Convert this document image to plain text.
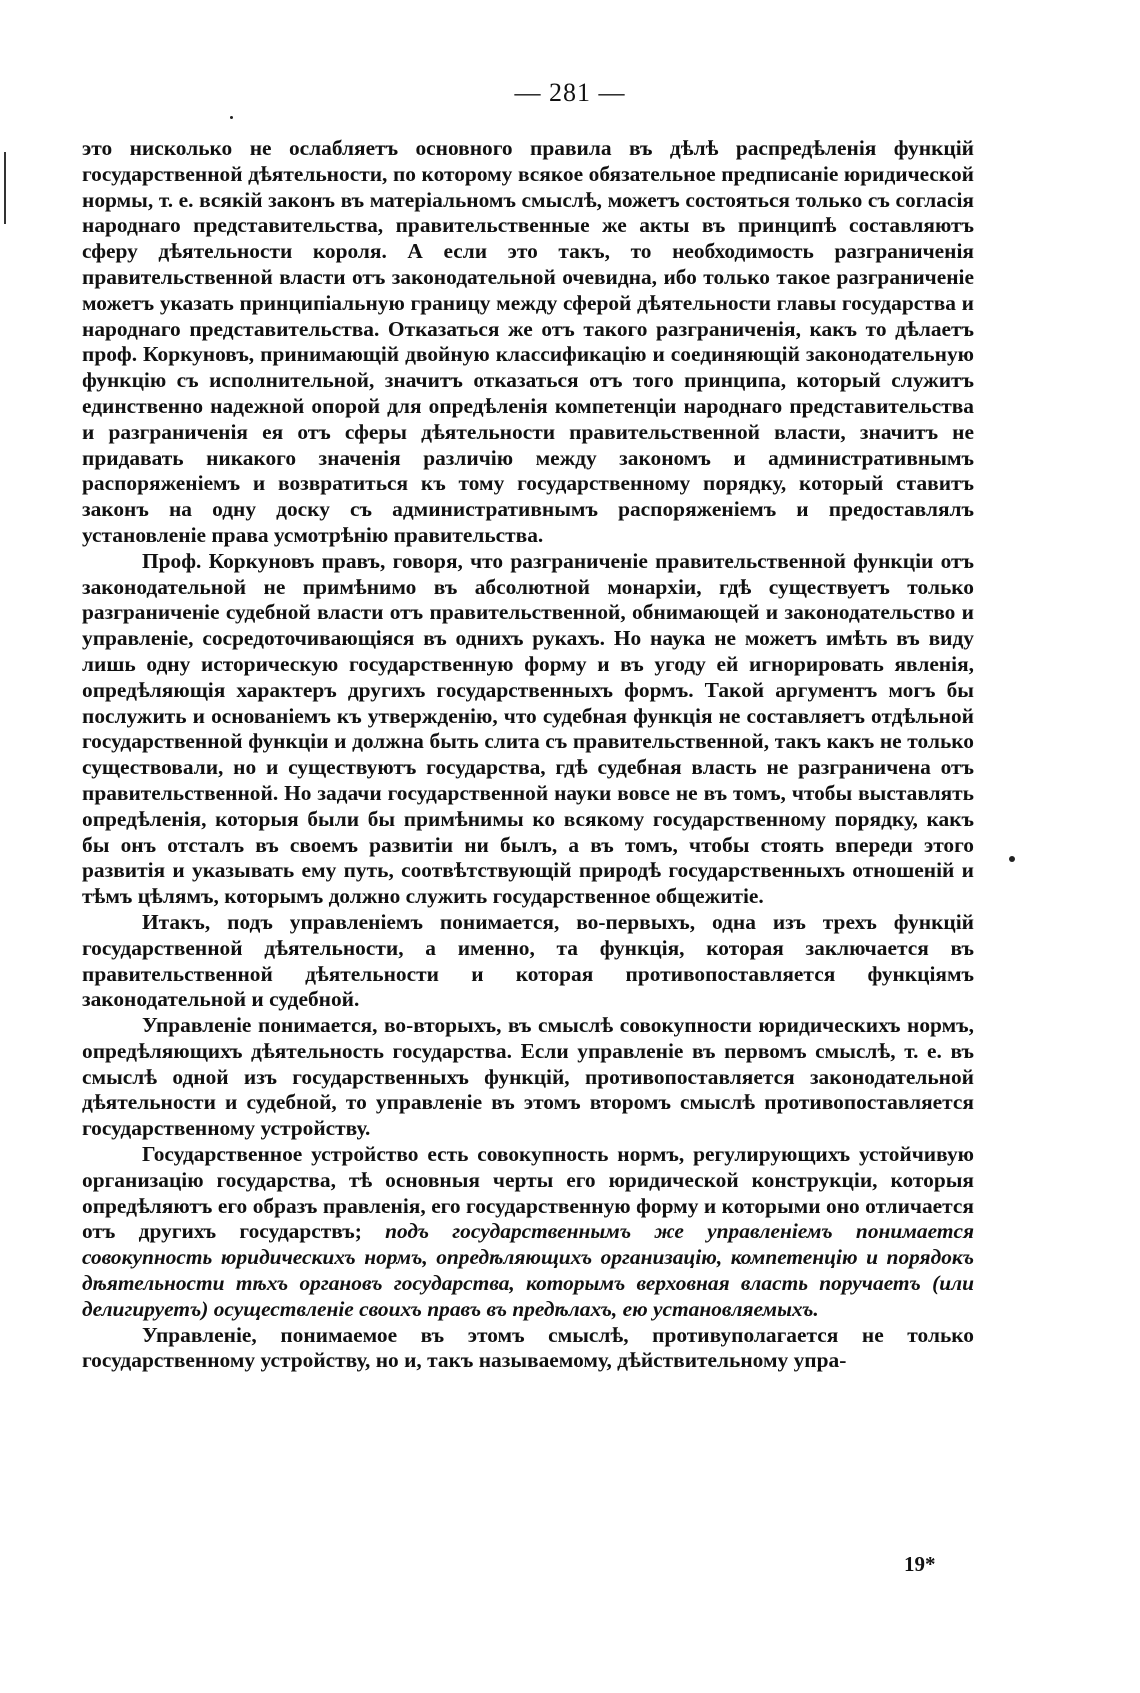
— 281 —

это нисколько не ослабляетъ основного правила въ дѣлѣ распредѣленія функцій государственной дѣятельности, по которому всякое обязательное предписаніе юридической нормы, т. е. всякій законъ въ матеріальномъ смыслѣ, можетъ состояться только съ согласія народнаго представительства, правительственные же акты въ принципѣ составляютъ сферу дѣятельности короля. А если это такъ, то необходимость разграниченія правительственной власти отъ законодательной очевидна, ибо только такое разграниченіе можетъ указать принципіальную границу между сферой дѣятельности главы государства и народнаго представительства. Отказаться же отъ такого разграниченія, какъ то дѣлаетъ проф. Коркуновъ, принимающій двойную классификацію и соединяющій законодательную функцію съ исполнительной, значитъ отказаться отъ того принципа, который служитъ единственно надежной опорой для опредѣленія компетенціи народнаго представительства и разграниченія ея отъ сферы дѣятельности правительственной власти, значитъ не придавать никакого значенія различію между закономъ и административнымъ распоряженіемъ и возвратиться къ тому государственному порядку, который ставитъ законъ на одну доску съ административнымъ распоряженіемъ и предоставлялъ установленіе права усмотрѣнію правительства.

Проф. Коркуновъ правъ, говоря, что разграниченіе правительственной функціи отъ законодательной не примѣнимо въ абсолютной монархіи, гдѣ существуетъ только разграниченіе судебной власти отъ правительственной, обнимающей и законодательство и управленіе, сосредоточивающіяся въ однихъ рукахъ. Но наука не можетъ имѣть въ виду лишь одну историческую государственную форму и въ угоду ей игнорировать явленія, опредѣляющія характеръ другихъ государственныхъ формъ. Такой аргументъ могъ бы послужить и основаніемъ къ утвержденію, что судебная функція не составляетъ отдѣльной государственной функціи и должна быть слита съ правительственной, такъ какъ не только существовали, но и существуютъ государства, гдѣ судебная власть не разграничена отъ правительственной. Но задачи государственной науки вовсе не въ томъ, чтобы выставлять опредѣленія, которыя были бы примѣнимы ко всякому государственному порядку, какъ бы онъ отсталъ въ своемъ развитіи ни былъ, а въ томъ, чтобы стоять впереди этого развитія и указывать ему путь, соотвѣтствующій природѣ государственныхъ отношеній и тѣмъ цѣлямъ, которымъ должно служить государственное общежитіе.

Итакъ, подъ управленіемъ понимается, во-первыхъ, одна изъ трехъ функцій государственной дѣятельности, а именно, та функція, которая заключается въ правительственной дѣятельности и которая противопоставляется функціямъ законодательной и судебной.

Управленіе понимается, во-вторыхъ, въ смыслѣ совокупности юридическихъ нормъ, опредѣляющихъ дѣятельность государства. Если управленіе въ первомъ смыслѣ, т. е. въ смыслѣ одной изъ государственныхъ функцій, противопоставляется законодательной дѣятельности и судебной, то управленіе въ этомъ второмъ смыслѣ противопоставляется государственному устройству.

Государственное устройство есть совокупность нормъ, регулирующихъ устойчивую организацію государства, тѣ основныя черты его юридической конструкціи, которыя опредѣляютъ его образъ правленія, его государственную форму и которыми оно отличается отъ другихъ государствъ; подъ государственнымъ же управленіемъ понимается совокупность юридическихъ нормъ, опредѣляющихъ организацію, компетенцію и порядокъ дѣятельности тѣхъ органовъ государства, которымъ верховная власть поручаетъ (или делигируетъ) осуществленіе своихъ правъ въ предѣлахъ, ею установляемыхъ.

Управленіе, понимаемое въ этомъ смыслѣ, противуполагается не только государственному устройству, но и, такъ называемому, дѣйствительному упра-

19*
